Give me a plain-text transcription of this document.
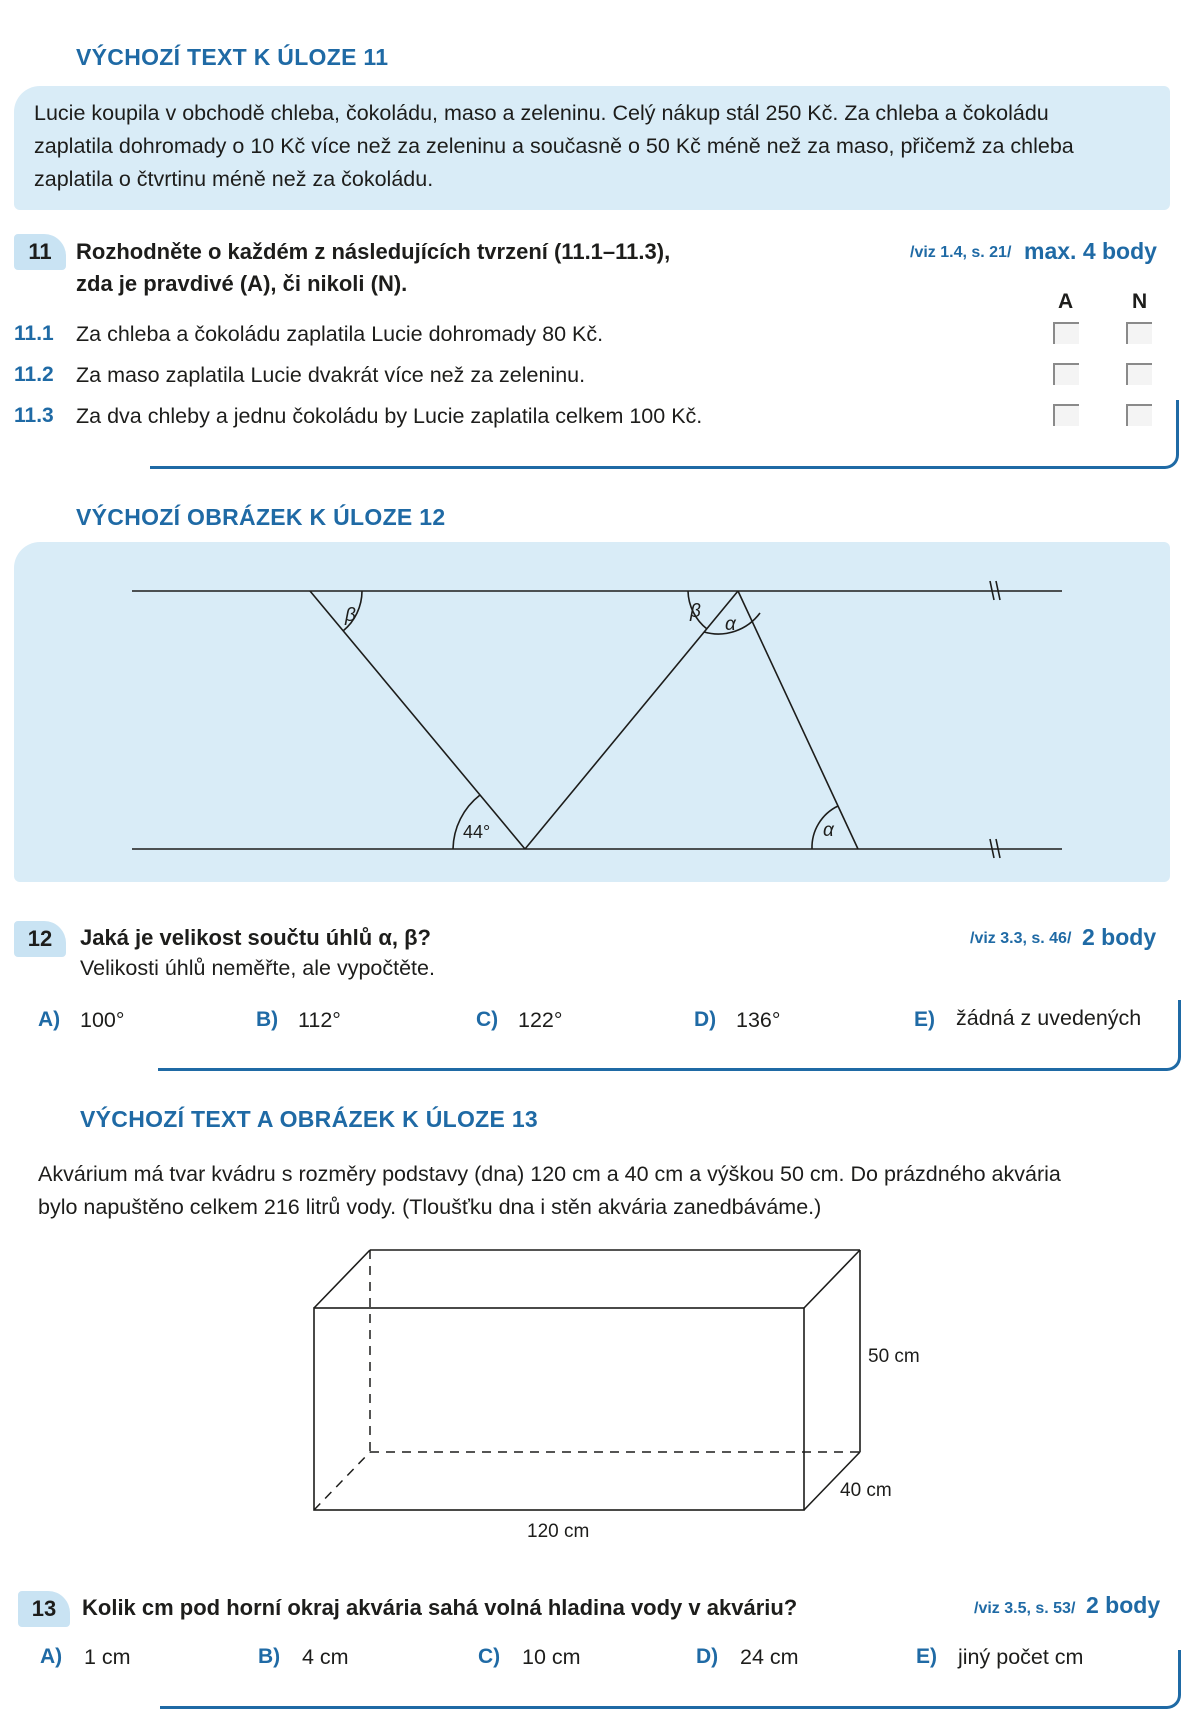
VÝCHOZÍ TEXT K ÚLOZE 11
Lucie koupila v obchodě chleba, čokoládu, maso a zeleninu. Celý nákup stál 250 Kč. Za chleba a čokoládu
zaplatila dohromady o 10 Kč více než za zeleninu a současně o 50 Kč méně než za maso, přičemž za chleba
zaplatila o čtvrtinu méně než za čokoládu.
11	Rozhodněte o každém z následujících tvrzení (11.1–11.3),
zda je pravdivé (A), či nikoli (N).
/viz 1.4, s. 21/ max. 4 body
A	N
11.1 Za chleba a čokoládu zaplatila Lucie dohromady 80 Kč.
11.2 Za maso zaplatila Lucie dvakrát více než za zeleninu.
11.3 Za dva chleby a jednu čokoládu by Lucie zaplatila celkem 100 Kč.
VÝCHOZÍ OBRÁZEK K ÚLOZE 12
β	β
α
α
44°
12	Jaká je velikost součtu úhlů α, β?
Velikosti úhlů neměřte, ale vypočtěte.
/viz 3.3, s. 46/ 2 body
A) 100°	B) 112°	C) 122°	D) 136°	E) žádná z uvedených
VÝCHOZÍ TEXT A OBRÁZEK K ÚLOZE 13
Akvárium má tvar kvádru s rozměry podstavy (dna) 120 cm a 40 cm a výškou 50 cm. Do prázdného akvária
bylo napuštěno celkem 216 litrů vody. (Tloušťku dna i stěn akvária zanedbáváme.)
50 cm
40 cm
120 cm
13	Kolik cm pod horní okraj akvária sahá volná hladina vody v akváriu?	/viz 3.5, s. 53/ 2 body
A) 1 cm	B) 4 cm	C) 10 cm	D) 24 cm	E) jiný počet cm
